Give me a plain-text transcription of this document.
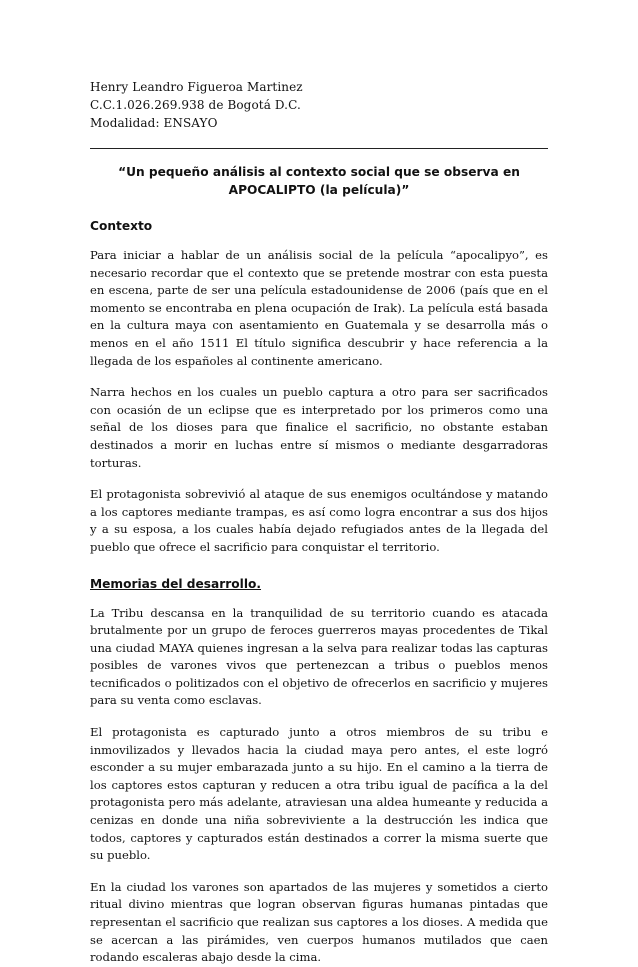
Henry Leandro Figueroa Martinez

C.C.1.026.269.938 de Bogotá D.C.

Modalidad: ENSAYO

“Un pequeño análisis al contexto social que se observa en APOCALIPTO (la película)”

Contexto

Para iniciar a hablar de un análisis social de la película “apocalipyo”, es necesario recordar que el contexto que se pretende mostrar con esta puesta en escena, parte de ser una película estadounidense de 2006 (país que en el momento se encontraba en plena ocupación de Irak). La película está basada en la cultura maya con asentamiento en Guatemala y se desarrolla más o menos en el año 1511 El título significa descubrir y hace referencia a la llegada de los españoles al continente americano.

Narra hechos en los cuales un pueblo captura a otro para ser sacrificados con ocasión de un eclipse que es interpretado por los primeros como una señal de los dioses para que finalice el sacrificio, no obstante estaban destinados a morir en luchas entre sí mismos o mediante desgarradoras torturas.

El protagonista sobrevivió al ataque de sus enemigos ocultándose y matando a los captores mediante trampas, es así como logra encontrar a sus dos hijos y a su esposa, a los cuales había dejado refugiados antes de la llegada del pueblo que ofrece el sacrificio para conquistar el territorio.

Memorias del desarrollo.

La Tribu descansa en la tranquilidad de su territorio cuando es atacada brutalmente por un grupo de feroces guerreros mayas procedentes de Tikal una ciudad MAYA quienes ingresan a la selva para realizar todas las capturas posibles de varones vivos que pertenezcan a tribus o pueblos menos tecnificados o politizados con el objetivo de ofrecerlos en sacrificio y mujeres para su venta como esclavas.

El protagonista es capturado junto a otros miembros de su tribu e inmovilizados y llevados hacia la ciudad maya pero antes, el este logró esconder a su mujer embarazada junto a su hijo. En el camino a la tierra de los captores estos capturan y reducen a otra tribu igual de pacífica a la del protagonista pero más adelante, atraviesan una aldea humeante y reducida a cenizas en donde una niña sobreviviente a la destrucción les indica que todos, captores y capturados están destinados a correr la misma suerte que su pueblo.

En la ciudad los varones son apartados de las mujeres y sometidos a cierto ritual divino mientras que logran observan figuras humanas pintadas que representan el sacrificio que realizan sus captores a los dioses. A medida que se acercan a las pirámides, ven cuerpos humanos mutilados que caen rodando escaleras abajo desde la cima.
